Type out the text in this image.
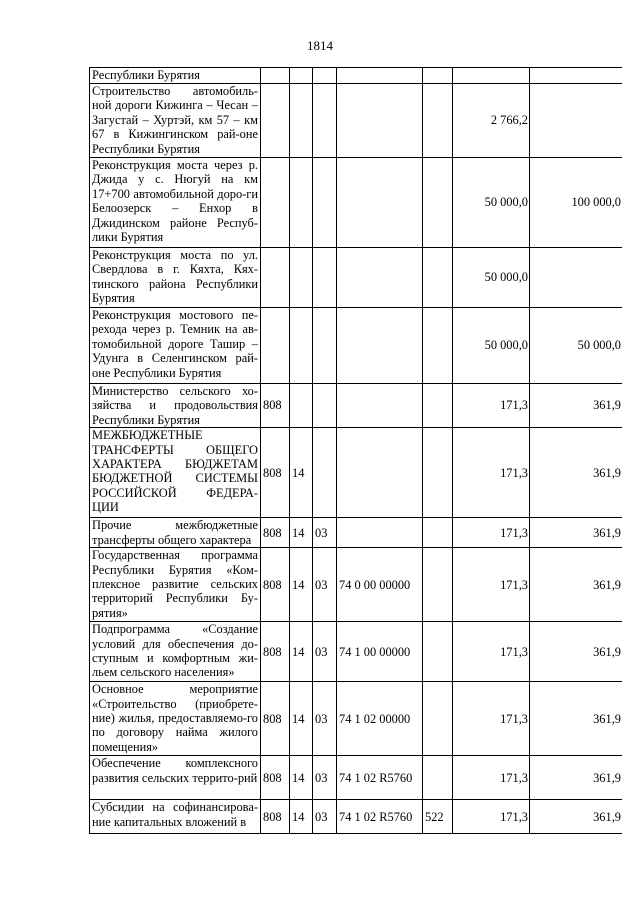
1814
Республики Бурятия							
Строительство автомобиль-ной дороги Кижинга – Чесан – Загустай – Хуртэй, км 57 – км 67 в Кижингинском рай-оне Республики Бурятия						2 766,2	
Реконструкция моста через р. Джида у с. Нюгуй на км 17+700 автомобильной доро-ги Белоозерск – Енхор в Джидинском районе Респуб-лики Бурятия						50 000,0	100 000,0
Реконструкция моста по ул. Свердлова в г. Кяхта, Кях-тинского района Республики Бурятия						50 000,0	
Реконструкция мостового пе-рехода через р. Темник на ав-томобильной дороге Ташир – Удунга в Селенгинском рай-оне Республики Бурятия						50 000,0	50 000,0
Министерство сельского хо-зяйства и продовольствия Республики Бурятия	808					171,3	361,9
МЕЖБЮДЖЕТНЫЕ ТРАНСФЕРТЫ ОБЩЕГО ХАРАКТЕРА БЮДЖЕТАМ БЮДЖЕТНОЙ СИСТЕМЫ РОССИЙСКОЙ ФЕДЕРА-ЦИИ	808	14				171,3	361,9
Прочие межбюджетные трансферты общего характера	808	14	03			171,3	361,9
Государственная программа Республики Бурятия «Ком-плексное развитие сельских территорий Республики Бу-рятия»	808	14	03	74 0 00 00000		171,3	361,9
Подпрограмма «Создание условий для обеспечения до-ступным и комфортным жи-льем сельского населения»	808	14	03	74 1 00 00000		171,3	361,9
Основное мероприятие «Строительство (приобрете-ние) жилья, предоставляемо-го по договору найма жилого помещения»	808	14	03	74 1 02 00000		171,3	361,9
Обеспечение комплексного развития сельских террито-рий	808	14	03	74 1 02 R5760		171,3	361,9
Субсидии на софинансирова-ние капитальных вложений в	808	14	03	74 1 02 R5760	522	171,3	361,9
